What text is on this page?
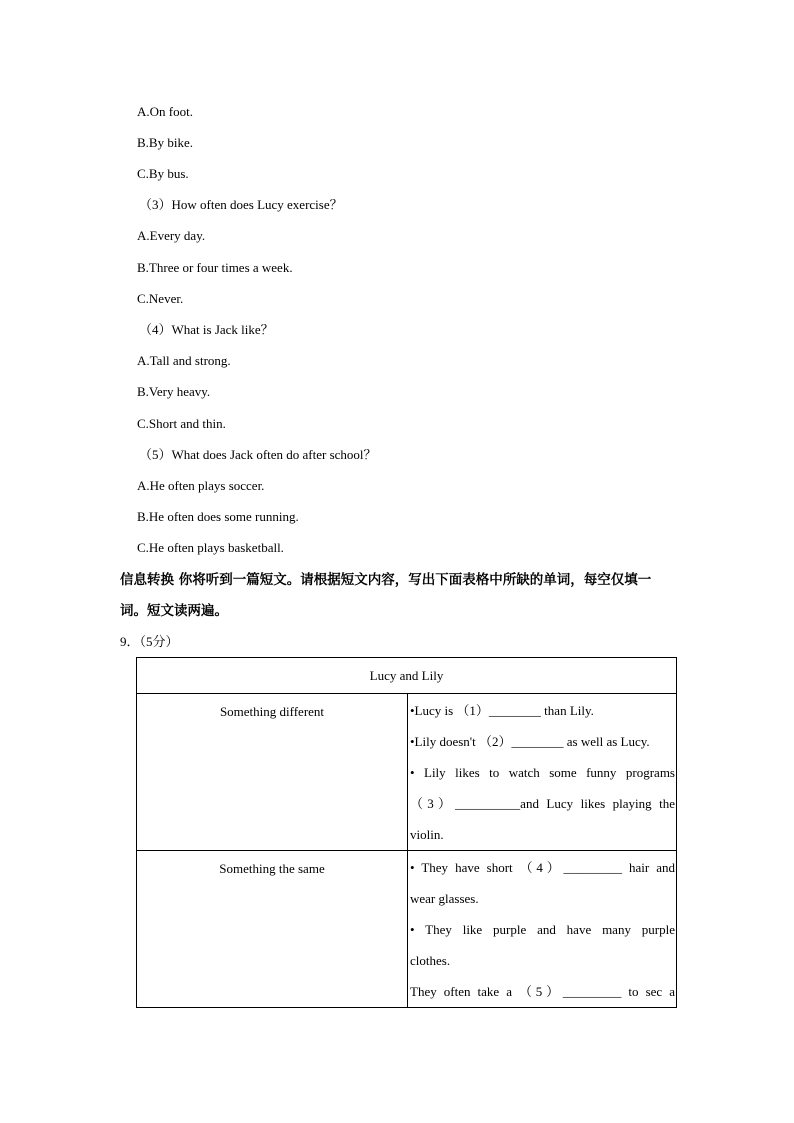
A.On foot.
B.By bike.
C.By bus.
（3）How often does Lucy exercise？
A.Every day.
B.Three or four times a week.
C.Never.
（4）What is Jack like？
A.Tall and strong.
B.Very heavy.
C.Short and thin.
（5）What does Jack often do after school？
A.He often plays soccer.
B.He often does some running.
C.He often plays basketball.
信息转换 你将听到一篇短文。请根据短文内容，写出下面表格中所缺的单词，每空仅填一
词。短文读两遍。
9．（5分）
Lucy and Lily	
Something different	•Lucy is （1）________ than Lily.
•Lily doesn't （2）________ as well as Lucy.
• Lily likes to watch some funny programs
（3）__________and Lucy likes playing the
violin.

Something the same	• They have short （4）_________ hair and
wear glasses.
• They like purple and have many purple
clothes.
They often take a （5）_________ to sec a
